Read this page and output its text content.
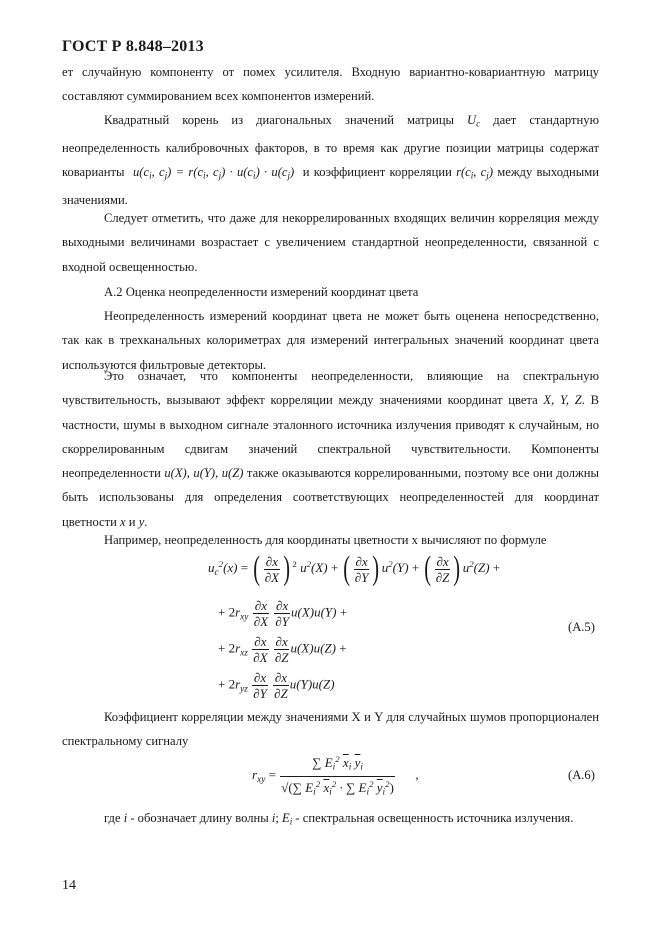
ГОСТ Р 8.848–2013

ет случайную компоненту от помех усилителя. Входную вариантно-ковариантную матрицу составляют суммированием всех компонентов измерений.

Квадратный корень из диагональных значений матрицы $U_c$ дает стандартную неопределенность калибровочных факторов, в то время как другие позиции матрицы содержат коварианты  $u(c_i$, $c_j) = r(c_i$, $c_j) \cdot u(c_i) \cdot u(c_j)$  и коэффициент корреляции $r(c_i$, $c_j$) между выходными значениями.

Следует отметить, что даже для некоррелированных входящих величин корреляция между выходными величинами возрастает с увеличением стандартной неопределенности, связанной с входной освещенностью.

А.2 Оценка неопределенности измерений координат цвета

Неопределенность измерений координат цвета не может быть оценена непосредственно, так как в трехканальных колориметрах для измерений интегральных значений координат цвета используются фильтровые детекторы.

Это означает, что компоненты неопределенности, влияющие на спектральную чувствительность, вызывают эффект корреляции между значениями координат цвета X, Y, Z. В частности, шумы в выходном сигнале эталонного источника излучения приводят к случайным, но скоррелированным сдвигам значений спектральной чувствительности. Компоненты неопределенности u(X), u(Y), u(Z) также оказываются коррелированными, поэтому все они должны быть использованы для определения соответствующих неопределенностей для координат цветности x и y.

Например, неопределенность для координаты цветности x вычисляют по формуле

$u_c^2(x)$ = ( $\frac{\partial x}{\partial X}$ ) $^2$ $u^2(X)$ + ( $\frac{\partial x}{\partial Y}$ ) $u^2(Y)$ + ( $\frac{\partial x}{\partial Z}$ ) $u^2(Z)$ +
+ $2r_{xy} \frac{\partial x}{\partial X}$
$\frac{\partial x}{\partial Y} u(X)u(Y)$ +
+ $2r_{xz} \frac{\partial x}{\partial X}$
$\frac{\partial x}{\partial Z} u(X)u(Z)$ +
+ $2r_{yz} \frac{\partial x}{\partial Y}$
$\frac{\partial x}{\partial Z} u(Y)u(Z)$
(А.5)

Коэффициент корреляции между значениями X и Y для случайных шумов пропорционален спектральному сигналу

$r_{xy} = \frac{\sum E_i^2 \overline{x}_i \overline{y}_i}{√(\sum E_i^2 \overline{x}_i^2 \cdot \sum E_i^2 \overline{y}_i^2)}$ ,	(А.6)

где i - обозначает длину волны i; $E_i$ - спектральная освещенность источника излучения.

14
